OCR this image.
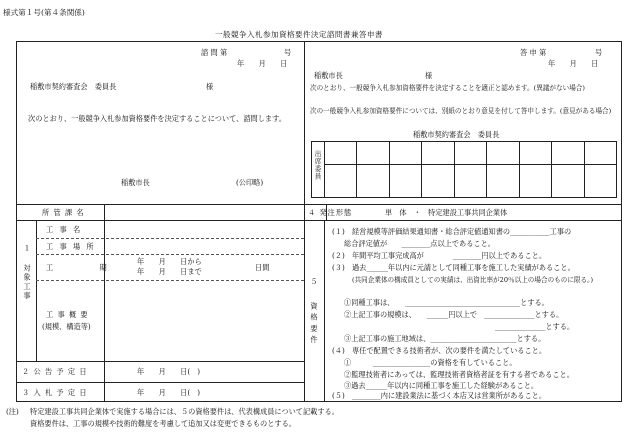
様式第１号(第４条関係)
一般競争入札参加資格要件決定諮問書兼答申書
諮 問 第	号
年　　月　　日
稲敷市契約審査会　委員長	様
次のとおり、一般競争入札参加資格要件を決定することについて、諮問します。
稲敷市長	(公印略)
答 申 第	号
年　　月　　日
稲敷市長	様
次のとおり、一般競争入札参加資格要件を決定することを適正と認めます。(異議がない場合)
次の一般競争入札参加資格要件については、別紙のとおり意見を付して答申します。(意見がある場合)
稲敷市契約審査会　委員長
出席委員
所 管 課 名
１ 対象工事
工 事 名
工 事 場 所
工 期
工 事 概 要
(規模、構造等)
年　　月　　日から
年　　月　　日まで	日間
２ 公 告 予 定 日	年　　月　　日(　)
３ 入 札 予 定 日	年　　月　　日(　)
４ 発注形態	単　体　・　特定建設工事共同企業体
５ 資格要件
(１)　経営規模等評価結果通知書・総合評定値通知書の___________工事の
総合評定値が　　________点以上であること。
(２)　年間平均工事完成高が　　　　________円以上であること。
(３)　過去______年以内に元請として同種工事を施工した実績があること。
(共同企業体の構成員としての実績は、出資比率が20％以上の場合のものに限る。)
①同種工事は、　　________________________________とする。
②上記工事の規模は、　　______円以上で　______________とする。
______________とする。
③上記工事の施工地域は、________________________とする。
(４)　専任で配置できる技術者が、次の要件を満たしていること。
①　　　________________の資格を有していること。
②監理技術者にあっては、監理技術者資格者証を有する者であること。
③過去______年以内に同種工事を施工した経験があること。
(５)　________内に建設業法に基づく本店又は営業所があること。
(注) 特定建設工事共同企業体で実施する場合には、５の資格要件は、代表構成員について記載する。
資格要件は、工事の規模や技術的難度を考慮して追加又は変更できるものとする。
